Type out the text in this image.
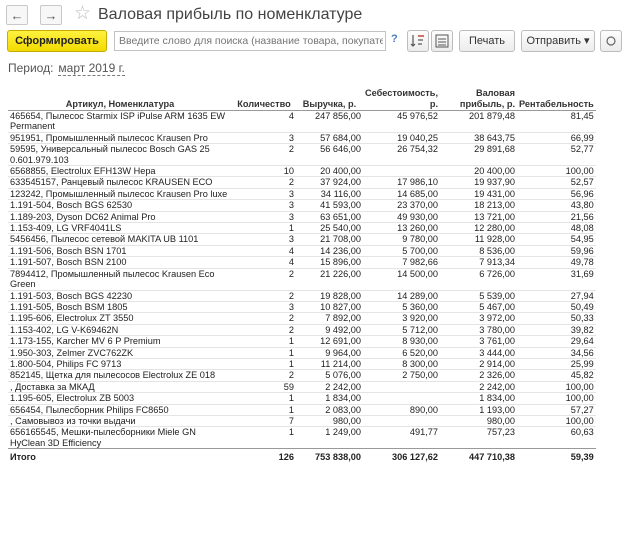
←	→ ☆ Валовая прибыль по номенклатуре
Сформировать
Введите слово для поиска (название товара, покупате...	?	Печать	Отправить ▾
Период: март 2019 г.
Артикул, Номенклатура	Количество	Выручка, р.	Себестоимость, р.	Валовая прибыль, р.	Рентабельность
465654, Пылесос Starmix ISP iPulse ARM 1635 EW Permanent	4	247 856,00	45 976,52	201 879,48	81,45
951951, Промышленный пылесос Krausen Pro	3	57 684,00	19 040,25	38 643,75	66,99
59595, Универсальный пылесос Bosch GAS 25 0.601.979.103	2	56 646,00	26 754,32	29 891,68	52,77
6568855, Electrolux EFH13W Hepa	10	20 400,00		20 400,00	100,00
633545157, Ранцевый пылесос KRAUSEN ECO	2	37 924,00	17 986,10	19 937,90	52,57
123242, Промышленный пылесос Krausen Pro luxe	3	34 116,00	14 685,00	19 431,00	56,96
1.191-504, Bosch BGS 62530	3	41 593,00	23 370,00	18 213,00	43,80
1.189-203, Dyson DC62 Animal Pro	3	63 651,00	49 930,00	13 721,00	21,56
1.153-409, LG VRF4041LS	1	25 540,00	13 260,00	12 280,00	48,08
5456456, Пылесос сетевой MAKITA UB 1101	3	21 708,00	9 780,00	11 928,00	54,95
1.191-506, Bosch BSN 1701	4	14 236,00	5 700,00	8 536,00	59,96
1.191-507, Bosch BSN 2100	4	15 896,00	7 982,66	7 913,34	49,78
7894412, Промышленный пылесос Krausen Eco Green	2	21 226,00	14 500,00	6 726,00	31,69
1.191-503, Bosch BGS 42230	2	19 828,00	14 289,00	5 539,00	27,94
1.191-505, Bosch BSM 1805	3	10 827,00	5 360,00	5 467,00	50,49
1.195-606, Electrolux ZT 3550	2	7 892,00	3 920,00	3 972,00	50,33
1.153-402, LG V-K69462N	2	9 492,00	5 712,00	3 780,00	39,82
1.173-155, Karcher MV 6 P Premium	1	12 691,00	8 930,00	3 761,00	29,64
1.950-303, Zelmer ZVC762ZK	1	9 964,00	6 520,00	3 444,00	34,56
1.800-504, Philips FC 9713	1	11 214,00	8 300,00	2 914,00	25,99
852145, Щетка для пылесосов Electrolux ZE 018	2	5 076,00	2 750,00	2 326,00	45,82
, Доставка за МКАД	59	2 242,00		2 242,00	100,00
1.195-605, Electrolux ZB 5003	1	1 834,00		1 834,00	100,00
656454, Пылесборник Philips FC8650	1	2 083,00	890,00	1 193,00	57,27
, Самовывоз из точки выдачи	7	980,00		980,00	100,00
656165545, Мешки-пылесборники Miele GN HyClean 3D Efficiency	1	1 249,00	491,77	757,23	60,63
Итого	126	753 838,00	306 127,62	447 710,38	59,39
